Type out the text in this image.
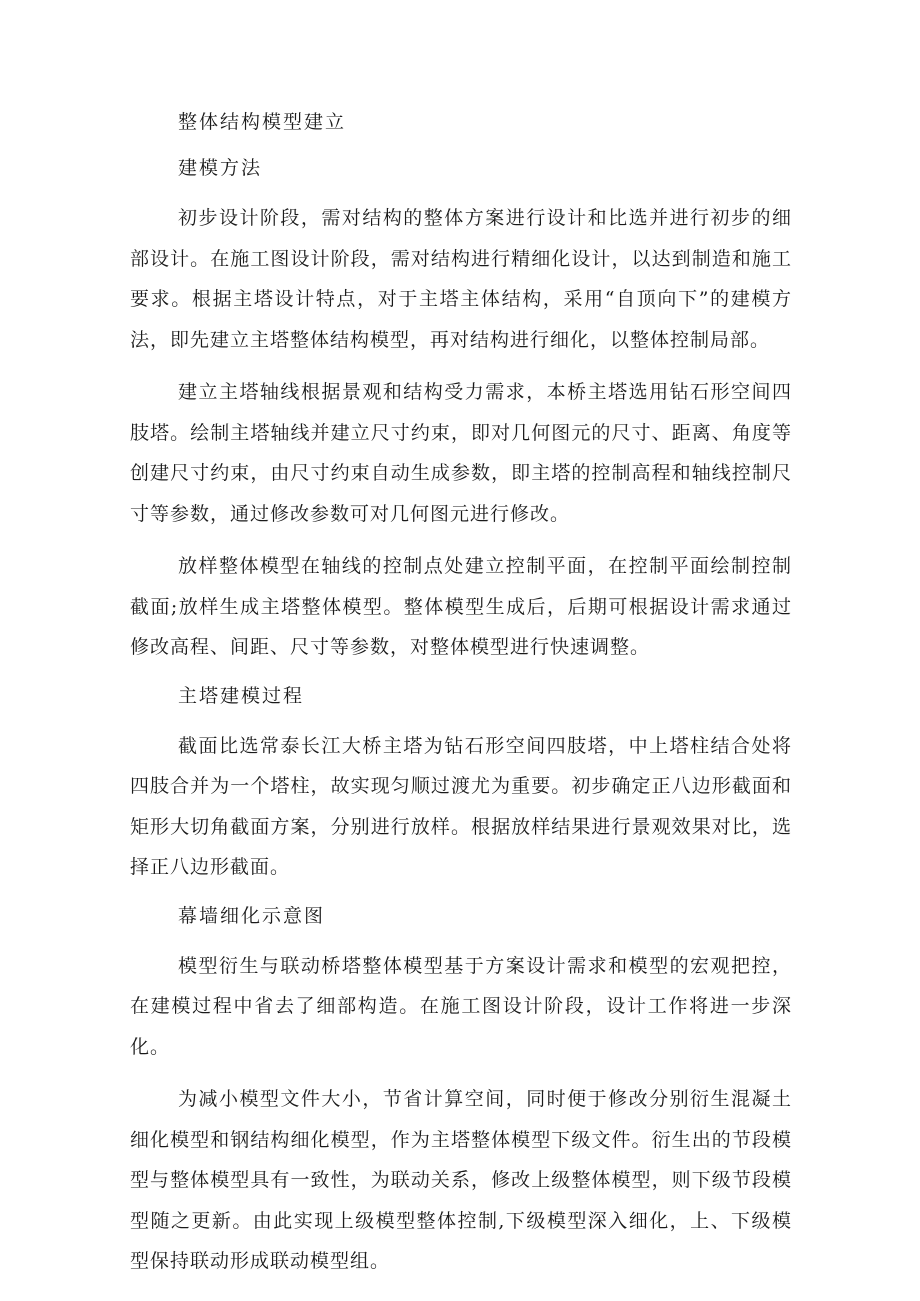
整体结构模型建立
建模方法

初步设计阶段，需对结构的整体方案进行设计和比选并进行初步的细部设计。在施工图设计阶段，需对结构进行精细化设计，以达到制造和施工要求。根据主塔设计特点，对于主塔主体结构，采用“自顶向下”的建模方法，即先建立主塔整体结构模型，再对结构进行细化，以整体控制局部。

建立主塔轴线根据景观和结构受力需求，本桥主塔选用钻石形空间四肢塔。绘制主塔轴线并建立尺寸约束，即对几何图元的尺寸、距离、角度等创建尺寸约束，由尺寸约束自动生成参数，即主塔的控制高程和轴线控制尺寸等参数，通过修改参数可对几何图元进行修改。

放样整体模型在轴线的控制点处建立控制平面，在控制平面绘制控制截面;放样生成主塔整体模型。整体模型生成后，后期可根据设计需求通过修改高程、间距、尺寸等参数，对整体模型进行快速调整。

主塔建模过程

截面比选常泰长江大桥主塔为钻石形空间四肢塔，中上塔柱结合处将四肢合并为一个塔柱，故实现匀顺过渡尤为重要。初步确定正八边形截面和矩形大切角截面方案，分别进行放样。根据放样结果进行景观效果对比，选择正八边形截面。

幕墙细化示意图

模型衍生与联动桥塔整体模型基于方案设计需求和模型的宏观把控，在建模过程中省去了细部构造。在施工图设计阶段，设计工作将进一步深化。

为减小模型文件大小，节省计算空间，同时便于修改分别衍生混凝土细化模型和钢结构细化模型，作为主塔整体模型下级文件。衍生出的节段模型与整体模型具有一致性，为联动关系，修改上级整体模型，则下级节段模型随之更新。由此实现上级模型整体控制,下级模型深入细化，上、下级模型保持联动形成联动模型组。
